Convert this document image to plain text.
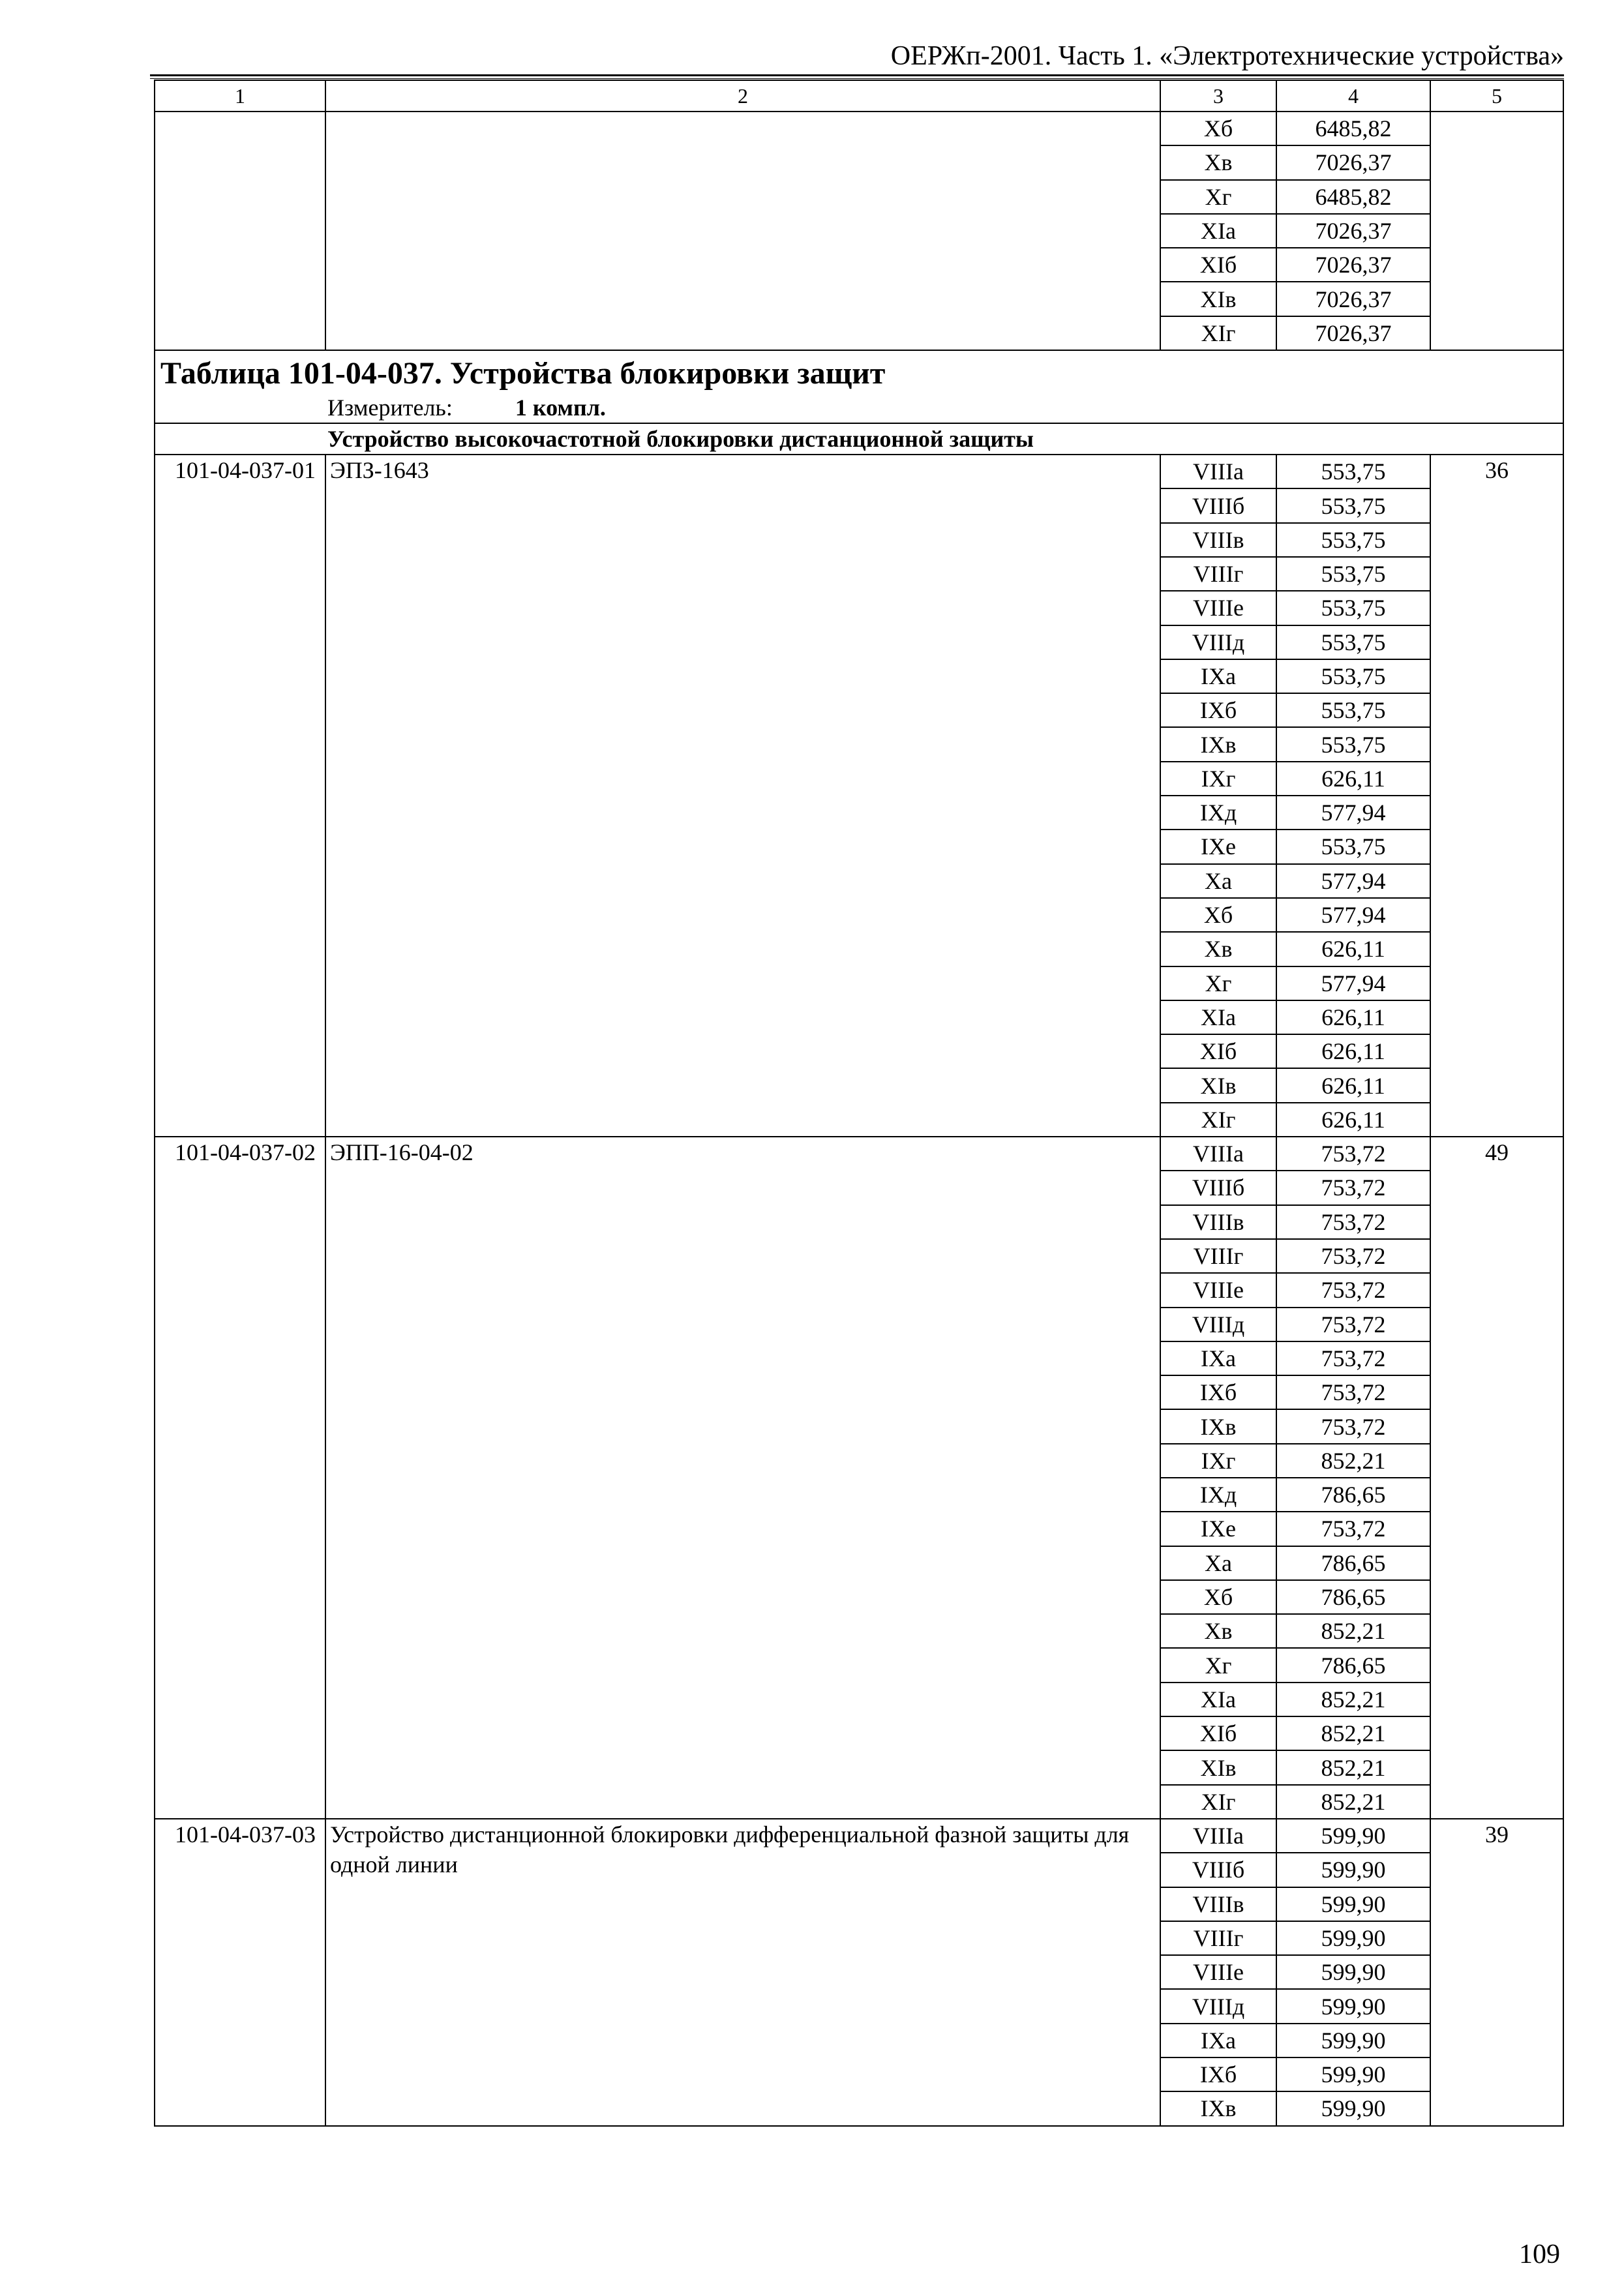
ОЕРЖп-2001. Часть 1. «Электротехнические устройства»
1	2	3	4	5
		Хб	6485,82	
		Хв	7026,37	
		Хг	6485,82	
		ХIа	7026,37	
		ХIб	7026,37	
		ХIв	7026,37	
		ХIг	7026,37	

Таблица 101-04-037. Устройства блокировки защит
Измеритель: 1 компл.				

Устройство высокочастотной блокировки дистанционной защиты				
101-04-037-01	ЭПЗ-1643	VIIIа	553,75	36
		VIIIб	553,75	
		VIIIв	553,75	
		VIIIг	553,75	
		VIIIе	553,75	
		VIIIд	553,75	
		IХа	553,75	
		IХб	553,75	
		IХв	553,75	
		IХг	626,11	
		IХд	577,94	
		IХе	553,75	
		Ха	577,94	
		Хб	577,94	
		Хв	626,11	
		Хг	577,94	
		ХIа	626,11	
		ХIб	626,11	
		ХIв	626,11	
		ХIг	626,11	
101-04-037-02	ЭПП-16-04-02	VIIIа	753,72	49
		VIIIб	753,72	
		VIIIв	753,72	
		VIIIг	753,72	
		VIIIе	753,72	
		VIIIд	753,72	
		IХа	753,72	
		IХб	753,72	
		IХв	753,72	
		IХг	852,21	
		IХд	786,65	
		IХе	753,72	
		Ха	786,65	
		Хб	786,65	
		Хв	852,21	
		Хг	786,65	
		ХIа	852,21	
		ХIб	852,21	
		ХIв	852,21	
		ХIг	852,21	
101-04-037-03	Устройство дистанционной блокировки дифференциальной фазной защиты для одной линии	VIIIа	599,90	39
		VIIIб	599,90	
		VIIIв	599,90	
		VIIIг	599,90	
		VIIIе	599,90	
		VIIIд	599,90	
		IХа	599,90	
		IХб	599,90	
		IХв	599,90	
109
